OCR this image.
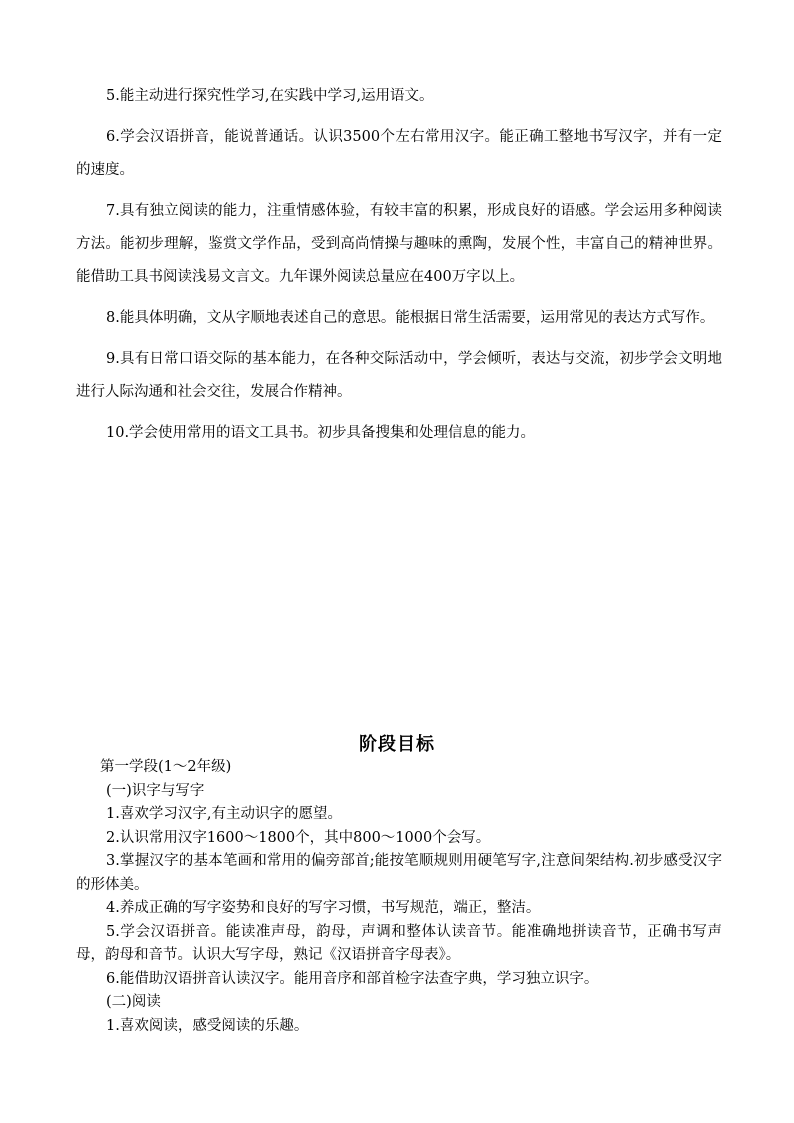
5.能主动进行探究性学习,在实践中学习,运用语文。

6.学会汉语拼音，能说普通话。认识3500个左右常用汉字。能正确工整地书写汉字，并有一定的速度。

7.具有独立阅读的能力，注重情感体验，有较丰富的积累，形成良好的语感。学会运用多种阅读方法。能初步理解，鉴赏文学作品，受到高尚情操与趣味的熏陶，发展个性，丰富自己的精神世界。能借助工具书阅读浅易文言文。九年课外阅读总量应在400万字以上。

8.能具体明确，文从字顺地表述自己的意思。能根据日常生活需要，运用常见的表达方式写作。

9.具有日常口语交际的基本能力，在各种交际活动中，学会倾听，表达与交流，初步学会文明地进行人际沟通和社会交往，发展合作精神。

10.学会使用常用的语文工具书。初步具备搜集和处理信息的能力。

阶段目标

第一学段(1～2年级)

(一)识字与写字

1.喜欢学习汉字,有主动识字的愿望。

2.认识常用汉字1600～1800个，其中800～1000个会写。

3.掌握汉字的基本笔画和常用的偏旁部首;能按笔顺规则用硬笔写字,注意间架结构.初步感受汉字的形体美。

4.养成正确的写字姿势和良好的写字习惯，书写规范，端正，整洁。

5.学会汉语拼音。能读准声母，韵母，声调和整体认读音节。能准确地拼读音节，正确书写声母，韵母和音节。认识大写字母，熟记《汉语拼音字母表》。

6.能借助汉语拼音认读汉字。能用音序和部首检字法查字典，学习独立识字。

(二)阅读

1.喜欢阅读，感受阅读的乐趣。
